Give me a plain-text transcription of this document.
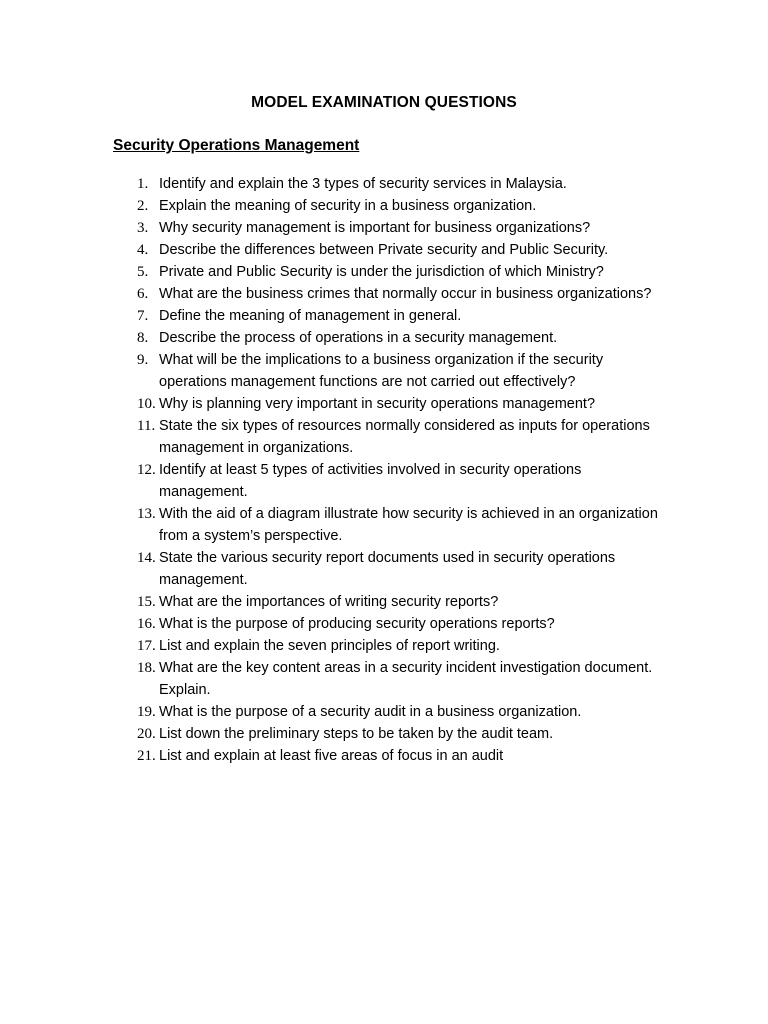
MODEL EXAMINATION QUESTIONS
Security Operations Management
1. Identify and explain the 3 types of security services in Malaysia.
2. Explain the meaning of security in a business organization.
3. Why security management is important for business organizations?
4. Describe the differences between Private security and Public Security.
5. Private and Public Security is under the jurisdiction of which Ministry?
6. What are the business crimes that normally occur in business organizations?
7. Define the meaning of management in general.
8. Describe the process of operations in a security management.
9. What will be the implications to a business organization if the security operations management functions are not carried out effectively?
10. Why is planning very important in security operations management?
11. State the six types of resources normally considered as inputs for operations management in organizations.
12. Identify at least 5 types of activities involved in security operations management.
13. With the aid of a diagram illustrate how security is achieved in an organization from a system’s perspective.
14. State the various security report documents used in security operations management.
15. What are the importances of writing security reports?
16. What is the purpose of producing security operations reports?
17. List and explain the seven principles of report writing.
18. What are the key content areas in a security incident investigation document. Explain.
19. What is the purpose of a security audit in a business organization.
20. List down the preliminary steps to be taken by the audit team.
21. List and explain at least five areas of focus in an audit
